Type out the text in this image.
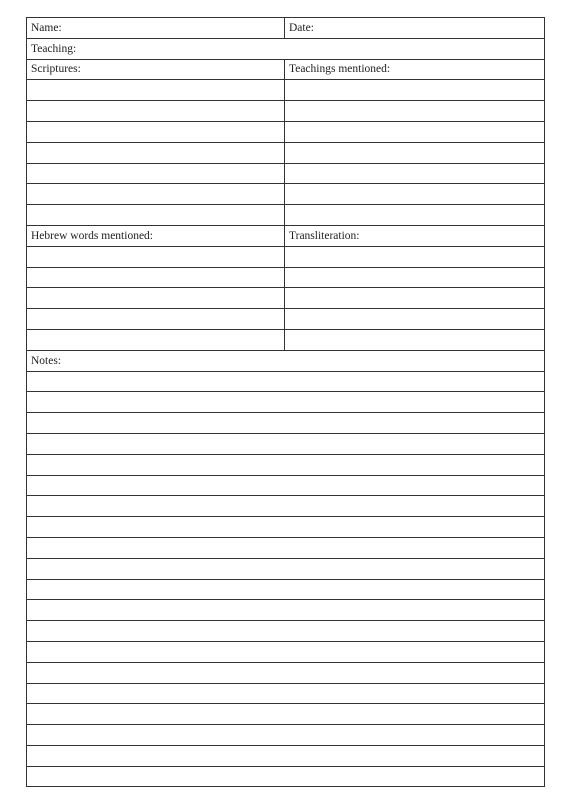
Name:	Date:
Teaching:	
Scriptures:	Teachings mentioned:

Hebrew words mentioned:	Transliteration:

Notes:	
